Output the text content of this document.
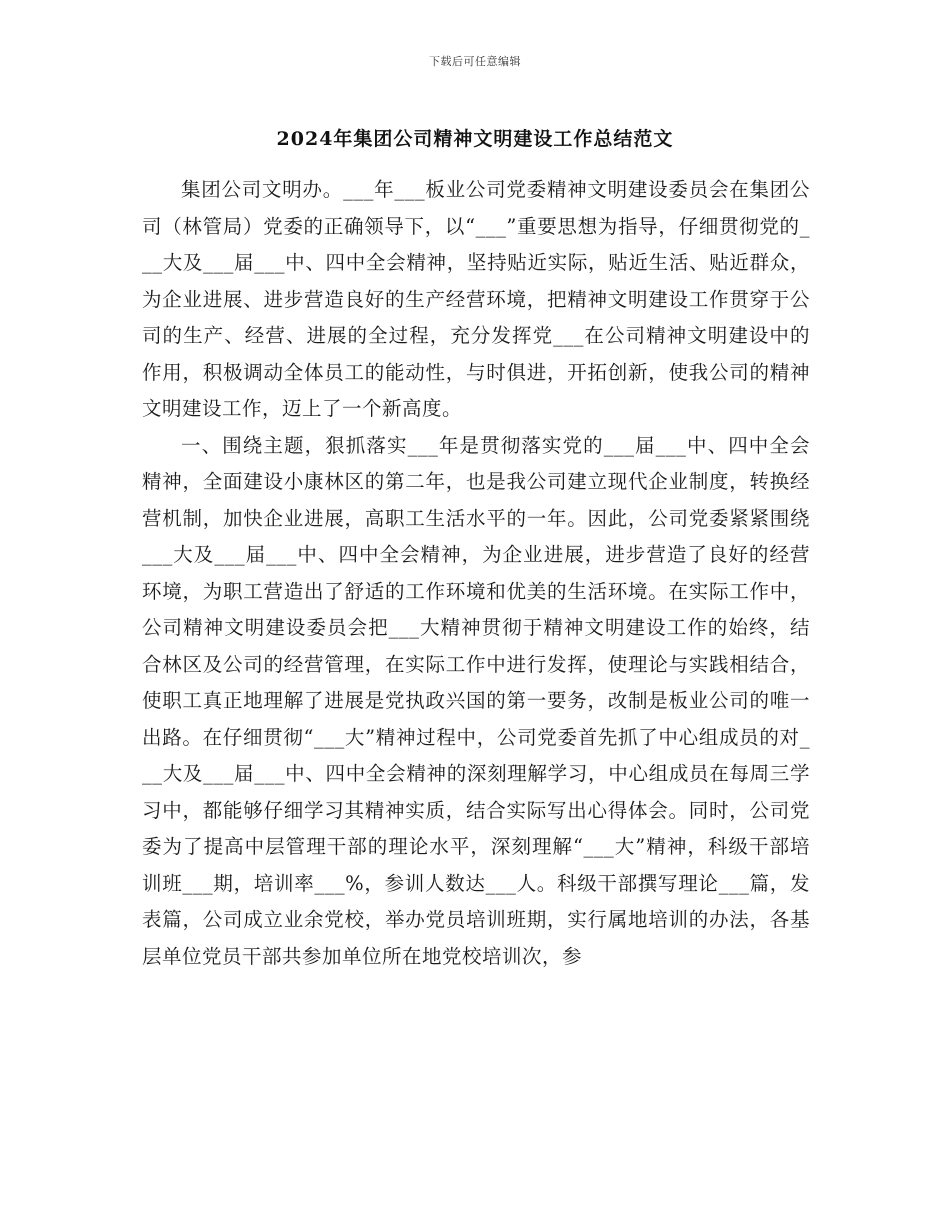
下载后可任意编辑
2024年集团公司精神文明建设工作总结范文

集团公司文明办。___年___板业公司党委精神文明建设委员会在集团公司（林管局）党委的正确领导下，以“___”重要思想为指导，仔细贯彻党的___大及___届___中、四中全会精神，坚持贴近实际，贴近生活、贴近群众，为企业进展、进步营造良好的生产经营环境，把精神文明建设工作贯穿于公司的生产、经营、进展的全过程，充分发挥党___在公司精神文明建设中的作用，积极调动全体员工的能动性，与时俱进，开拓创新，使我公司的精神文明建设工作，迈上了一个新高度。

一、围绕主题，狠抓落实___年是贯彻落实党的___届___中、四中全会精神，全面建设小康林区的第二年，也是我公司建立现代企业制度，转换经营机制，加快企业进展，高职工生活水平的一年。因此，公司党委紧紧围绕___大及___届___中、四中全会精神，为企业进展，进步营造了良好的经营环境，为职工营造出了舒适的工作环境和优美的生活环境。在实际工作中，公司精神文明建设委员会把___大精神贯彻于精神文明建设工作的始终，结合林区及公司的经营管理，在实际工作中进行发挥，使理论与实践相结合，使职工真正地理解了进展是党执政兴国的第一要务，改制是板业公司的唯一出路。在仔细贯彻“___大”精神过程中，公司党委首先抓了中心组成员的对___大及___届___中、四中全会精神的深刻理解学习，中心组成员在每周三学习中，都能够仔细学习其精神实质，结合实际写出心得体会。同时，公司党委为了提高中层管理干部的理论水平，深刻理解“___大”精神，科级干部培训班___期，培训率___%，参训人数达___人。科级干部撰写理论___篇，发表篇，公司成立业余党校，举办党员培训班期，实行属地培训的办法，各基层单位党员干部共参加单位所在地党校培训次，参
